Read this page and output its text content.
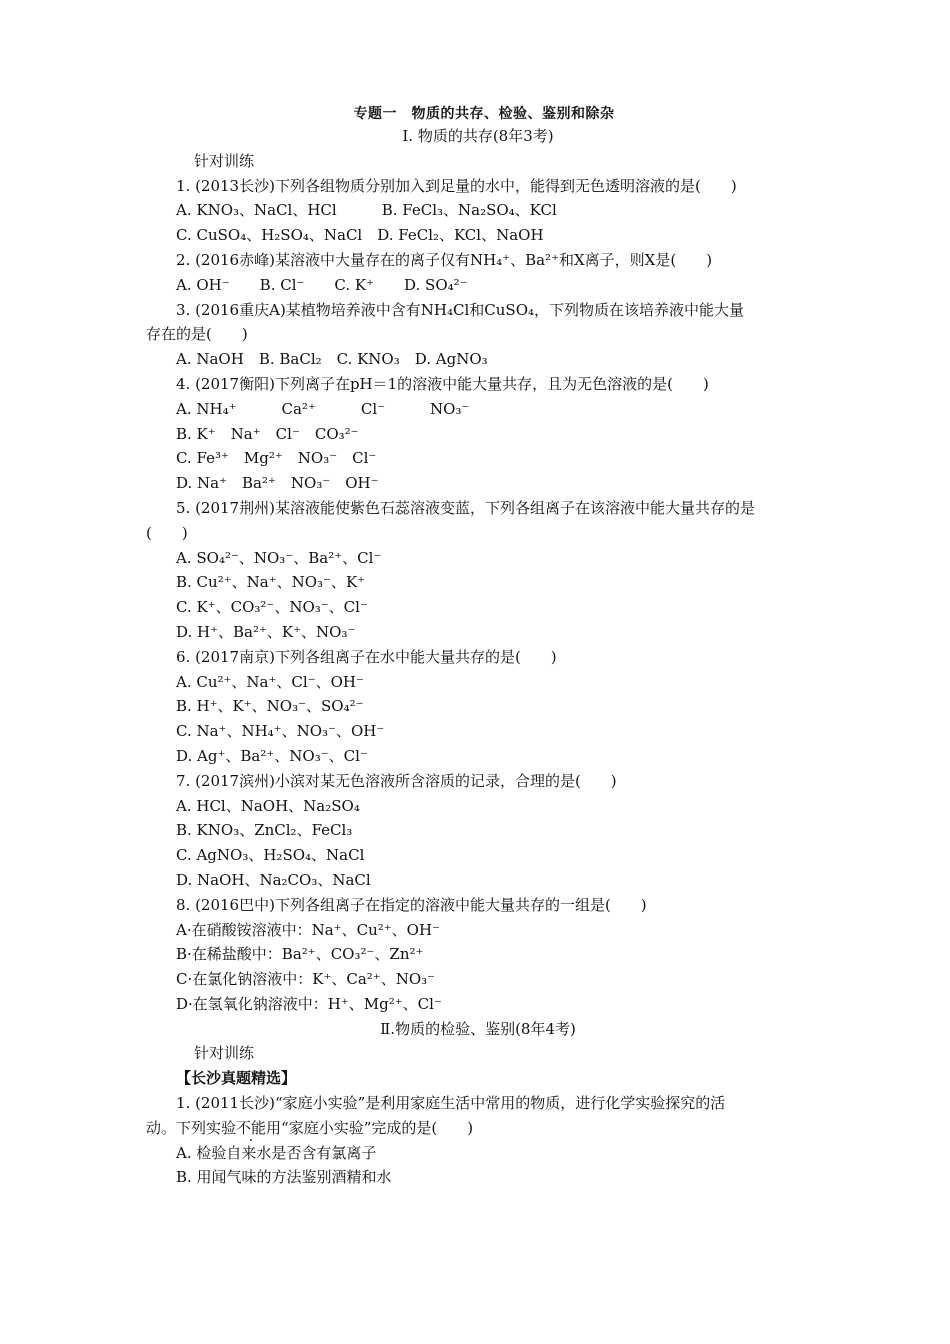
专题一　物质的共存、检验、鉴别和除杂
Ⅰ. 物质的共存(8年3考)
针对训练
1. (2013长沙)下列各组物质分别加入到足量的水中，能得到无色透明溶液的是(　　)
A. KNO₃、NaCl、HCl　　　B. FeCl₃、Na₂SO₄、KCl
C. CuSO₄、H₂SO₄、NaCl　D. FeCl₂、KCl、NaOH
2. (2016赤峰)某溶液中大量存在的离子仅有NH₄⁺、Ba²⁺和X离子，则X是(　　)
A. OH⁻　　B. Cl⁻　　C. K⁺　　D. SO₄²⁻
3. (2016重庆A)某植物培养液中含有NH₄Cl和CuSO₄，下列物质在该培养液中能大量
存在的是(　　)
A. NaOH　B. BaCl₂　C. KNO₃　D. AgNO₃
4. (2017衡阳)下列离子在pH＝1的溶液中能大量共存，且为无色溶液的是(　　)
A. NH₄⁺　　　Ca²⁺　　　Cl⁻　　　NO₃⁻
B. K⁺　Na⁺　Cl⁻　CO₃²⁻
C. Fe³⁺　Mg²⁺　NO₃⁻　Cl⁻
D. Na⁺　Ba²⁺　NO₃⁻　OH⁻
5. (2017荆州)某溶液能使紫色石蕊溶液变蓝，下列各组离子在该溶液中能大量共存的是
(　　)
A. SO₄²⁻、NO₃⁻、Ba²⁺、Cl⁻
B. Cu²⁺、Na⁺、NO₃⁻、K⁺
C. K⁺、CO₃²⁻、NO₃⁻、Cl⁻
D. H⁺、Ba²⁺、K⁺、NO₃⁻
6. (2017南京)下列各组离子在水中能大量共存的是(　　)
A. Cu²⁺、Na⁺、Cl⁻、OH⁻
B. H⁺、K⁺、NO₃⁻、SO₄²⁻
C. Na⁺、NH₄⁺、NO₃⁻、OH⁻
D. Ag⁺、Ba²⁺、NO₃⁻、Cl⁻
7. (2017滨州)小滨对某无色溶液所含溶质的记录，合理的是(　　)
A. HCl、NaOH、Na₂SO₄
B. KNO₃、ZnCl₂、FeCl₃
C. AgNO₃、H₂SO₄、NaCl
D. NaOH、Na₂CO₃、NaCl
8. (2016巴中)下列各组离子在指定的溶液中能大量共存的一组是(　　)
A·在硝酸铵溶液中：Na⁺、Cu²⁺、OH⁻
B·在稀盐酸中：Ba²⁺、CO₃²⁻、Zn²⁺
C·在氯化钠溶液中：K⁺、Ca²⁺、NO₃⁻
D·在氢氧化钠溶液中：H⁺、Mg²⁺、Cl⁻
Ⅱ.物质的检验、鉴别(8年4考)
针对训练
【长沙真题精选】
1. (2011长沙)“家庭小实验”是利用家庭生活中常用的物质，进行化学实验探究的活
动。下列实验不能用“家庭小实验”完成的是(　　)
A. 检验自来水是否含有氯离子
B. 用闻气味的方法鉴别酒精和水
